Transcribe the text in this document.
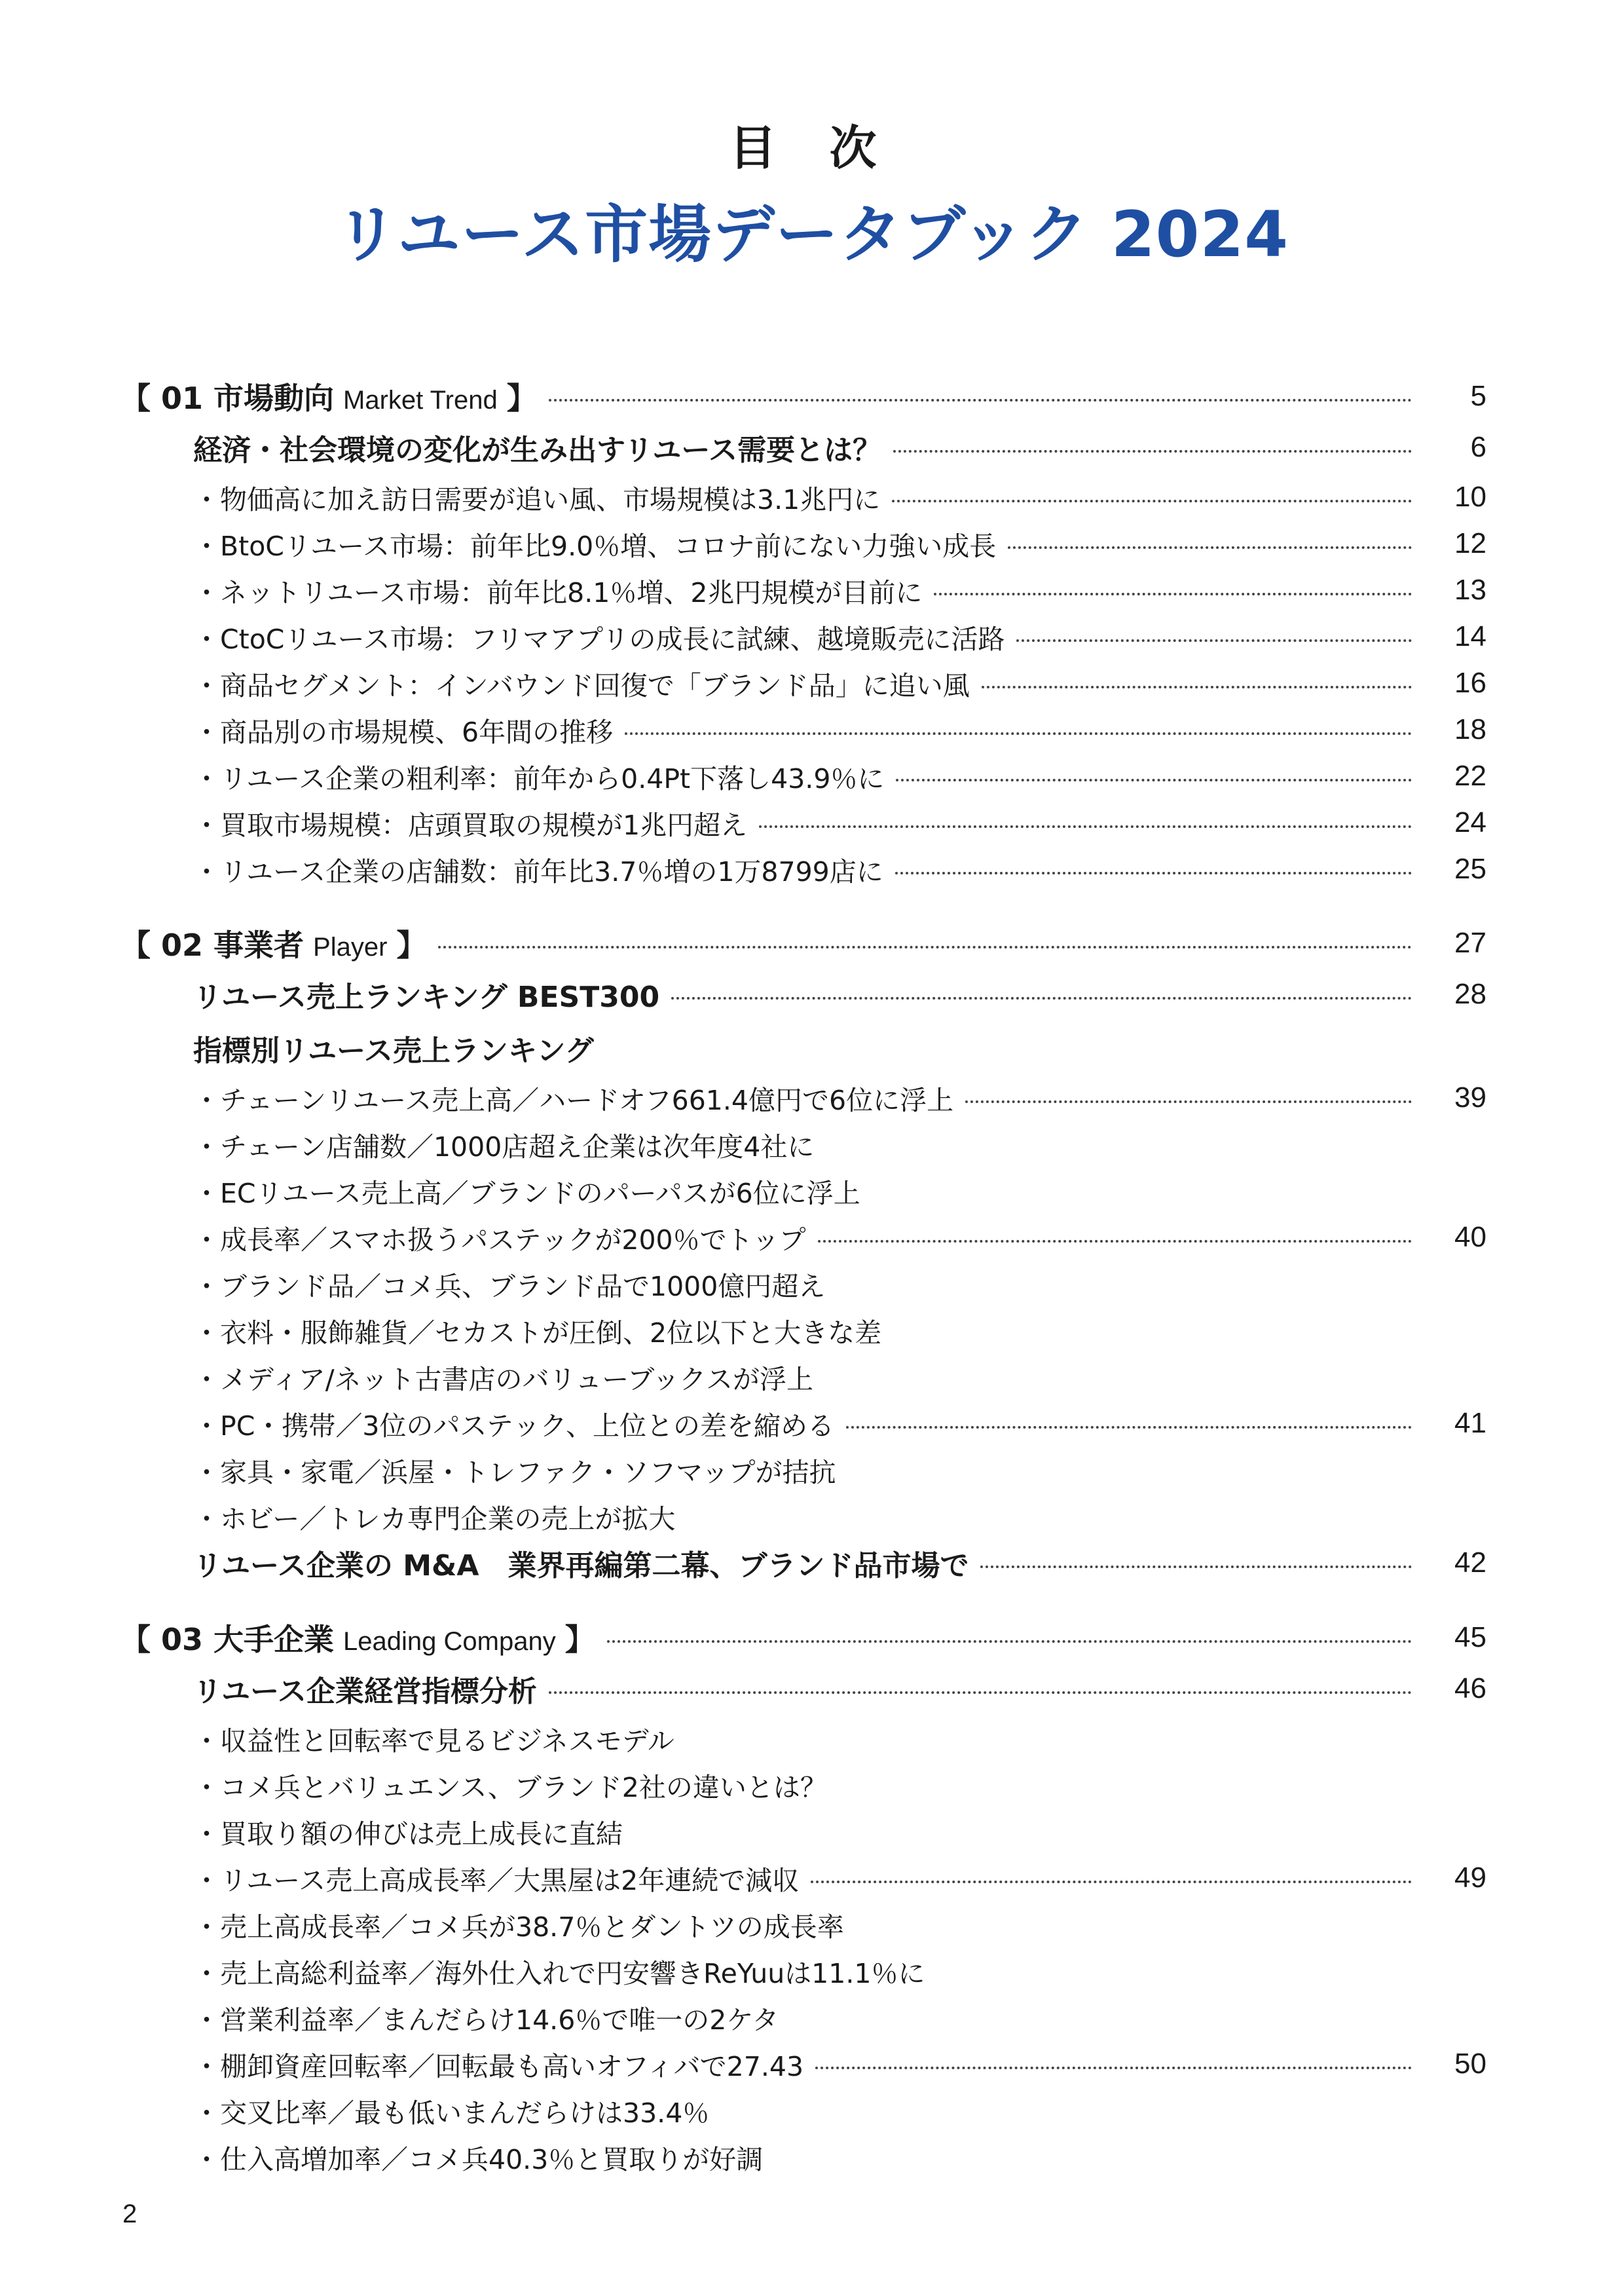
目 次
リユース市場データブック 2024
【 01 市場動向 Market Trend 】	5
経済・社会環境の変化が生み出すリユース需要とは？	6
・物価高に加え訪日需要が追い風、市場規模は3.1兆円に	10
・BtoCリユース市場：前年比9.0％増、コロナ前にない力強い成長	12
・ネットリユース市場：前年比8.1％増、2兆円規模が目前に	13
・CtoCリユース市場：フリマアプリの成長に試練、越境販売に活路	14
・商品セグメント：インバウンド回復で「ブランド品」に追い風	16
・商品別の市場規模、6年間の推移	18
・リユース企業の粗利率：前年から0.4Pt下落し43.9％に	22
・買取市場規模：店頭買取の規模が1兆円超え	24
・リユース企業の店舗数：前年比3.7％増の1万8799店に	25
【 02 事業者 Player 】	27
リユース売上ランキング BEST300	28
指標別リユース売上ランキング
・チェーンリユース売上高／ハードオフ661.4億円で6位に浮上	39
・チェーン店舗数／1000店超え企業は次年度4社に
・ECリユース売上高／ブランドのパーパスが6位に浮上
・成長率／スマホ扱うパステックが200％でトップ	40
・ブランド品／コメ兵、ブランド品で1000億円超え
・衣料・服飾雑貨／セカストが圧倒、2位以下と大きな差
・メディア/ネット古書店のバリューブックスが浮上
・PC・携帯／3位のパステック、上位との差を縮める	41
・家具・家電／浜屋・トレファク・ソフマップが拮抗
・ホビー／トレカ専門企業の売上が拡大
リユース企業の M&A　業界再編第二幕、ブランド品市場で	42
【 03 大手企業 Leading Company 】	45
リユース企業経営指標分析	46
・収益性と回転率で見るビジネスモデル
・コメ兵とバリュエンス、ブランド2社の違いとは？
・買取り額の伸びは売上成長に直結
・リユース売上高成長率／大黒屋は2年連続で減収	49
・売上高成長率／コメ兵が38.7％とダントツの成長率
・売上高総利益率／海外仕入れで円安響きReYuuは11.1％に
・営業利益率／まんだらけ14.6％で唯一の2ケタ
・棚卸資産回転率／回転最も高いオフィバで27.43	50
・交叉比率／最も低いまんだらけは33.4％
・仕入高増加率／コメ兵40.3％と買取りが好調
2
